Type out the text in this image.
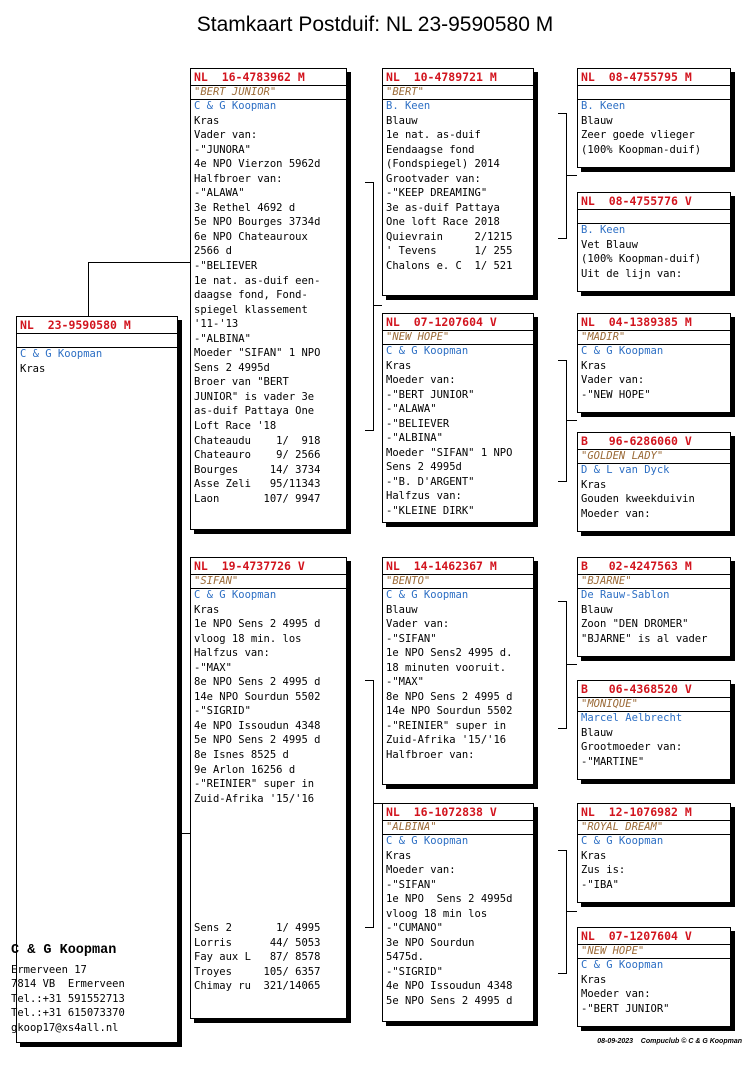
Stamkaart Postduif: NL 23-9590580 M
NL  23-9590580 M
C & G Koopman
Kras
NL  16-4783962 M
"BERT JUNIOR"
C & G Koopman
Kras
Vader van:
-"JUNORA"
4e NPO Vierzon 5962d
Halfbroer van:
-"ALAWA"
3e Rethel 4692 d
5e NPO Bourges 3734d
6e NPO Chateauroux
2566 d
-"BELIEVER
1e nat. as-duif een-
daagse fond, Fond-
spiegel klassement
'11-'13
-"ALBINA"
Moeder "SIFAN" 1 NPO
Sens 2 4995d
Broer van "BERT
JUNIOR" is vader 3e
as-duif Pattaya One
Loft Race '18
Chateaudu    1/  918
Chateauro    9/ 2566
Bourges     14/ 3734
Asse Zeli   95/11343
Laon       107/ 9947
NL  19-4737726 V
"SIFAN"
C & G Koopman
Kras
1e NPO Sens 2 4995 d
vloog 18 min. los
Halfzus van:
-"MAX"
8e NPO Sens 2 4995 d
14e NPO Sourdun 5502
-"SIGRID"
4e NPO Issoudun 4348
5e NPO Sens 2 4995 d
8e Isnes 8525 d
9e Arlon 16256 d
-"REINIER" super in
Zuid-Afrika '15/'16
Sens 2       1/ 4995
Lorris      44/ 5053
Fay aux L   87/ 8578
Troyes     105/ 6357
Chimay ru  321/14065
NL  10-4789721 M
"BERT"
B. Keen
Blauw
1e nat. as-duif
Eendaagse fond
(Fondspiegel) 2014
Grootvader van:
-"KEEP DREAMING"
3e as-duif Pattaya
One loft Race 2018
Quievrain     2/1215
' Tevens      1/ 255
Chalons e. C  1/ 521
NL  07-1207604 V
"NEW HOPE"
C & G Koopman
Kras
Moeder van:
-"BERT JUNIOR"
-"ALAWA"
-"BELIEVER
-"ALBINA"
Moeder "SIFAN" 1 NPO
Sens 2 4995d
-"B. D'ARGENT"
Halfzus van:
-"KLEINE DIRK"
NL  14-1462367 M
"BENTO"
C & G Koopman
Blauw
Vader van:
-"SIFAN"
1e NPO Sens2 4995 d.
18 minuten vooruit.
-"MAX"
8e NPO Sens 2 4995 d
14e NPO Sourdun 5502
-"REINIER" super in
Zuid-Afrika '15/'16
Halfbroer van:
NL  16-1072838 V
"ALBINA"
C & G Koopman
Kras
Moeder van:
-"SIFAN"
1e NPO  Sens 2 4995d
vloog 18 min los
-"CUMANO"
3e NPO Sourdun
5475d.
-"SIGRID"
4e NPO Issoudun 4348
5e NPO Sens 2 4995 d
NL  08-4755795 M
B. Keen
Blauw
Zeer goede vlieger
(100% Koopman-duif)
NL  08-4755776 V
B. Keen
Vet Blauw
(100% Koopman-duif)
Uit de lijn van:
NL  04-1389385 M
"MADIR"
C & G Koopman
Kras
Vader van:
-"NEW HOPE"
B   96-6286060 V
"GOLDEN LADY"
D & L van Dyck
Kras
Gouden kweekduivin
Moeder van:
B   02-4247563 M
"BJARNE"
De Rauw-Sablon
Blauw
Zoon "DEN DROMER"
"BJARNE" is al vader
B   06-4368520 V
"MONIQUE"
Marcel Aelbrecht
Blauw
Grootmoeder van:
-"MARTINE"
NL  12-1076982 M
"ROYAL DREAM"
C & G Koopman
Kras
Zus is:
-"IBA"
NL  07-1207604 V
"NEW HOPE"
C & G Koopman
Kras
Moeder van:
-"BERT JUNIOR"
C & G Koopman
Ermerveen 17
7814 VB  Ermerveen
Tel.:+31 591552713
Tel.:+31 615073370
gkoop17@xs4all.nl
08-09-2023    Compuclub © C & G Koopman
